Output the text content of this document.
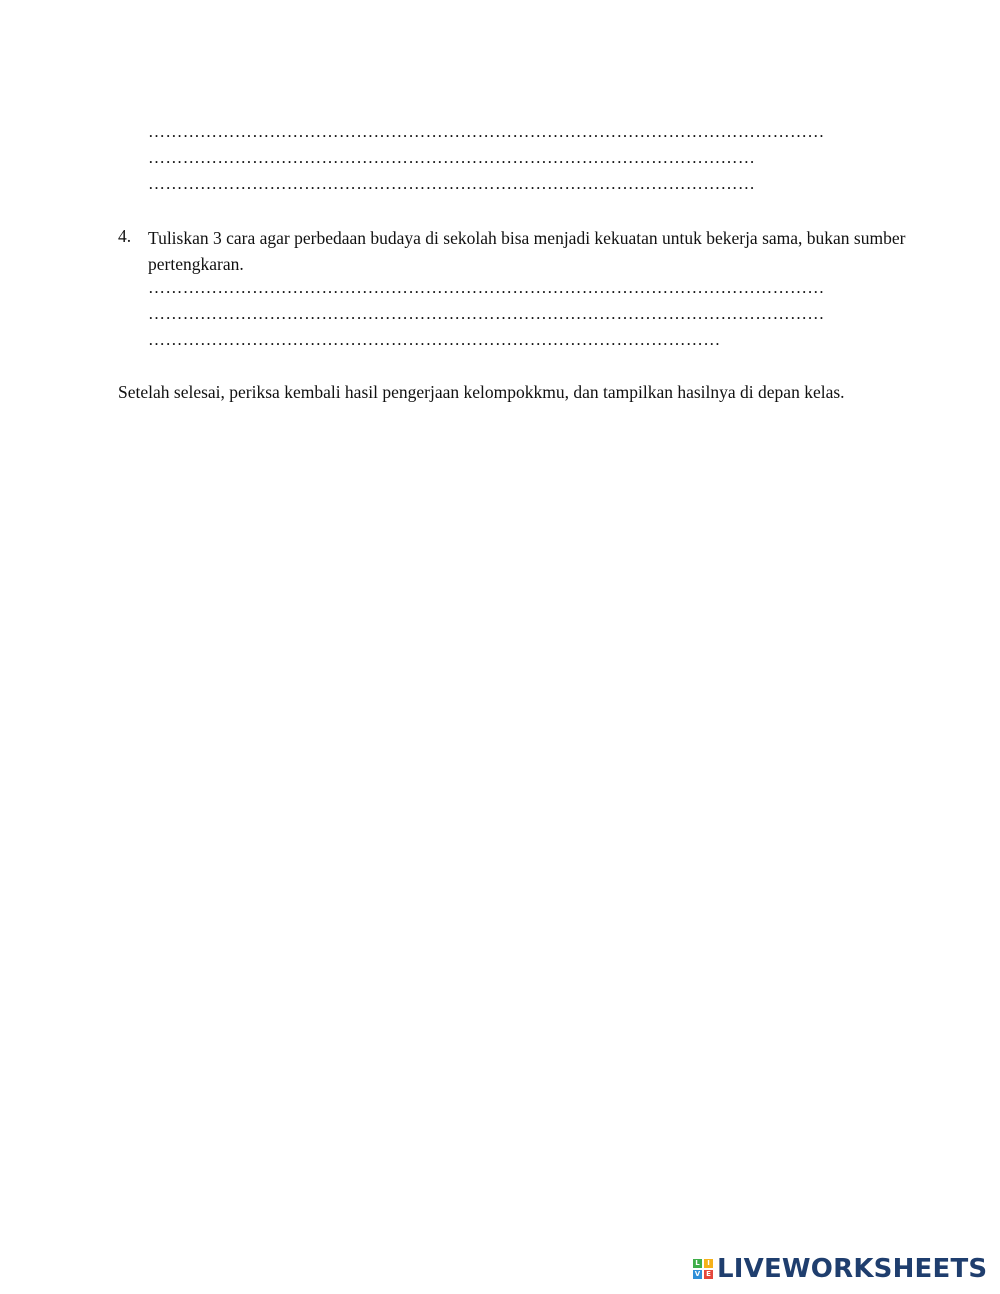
………………………………………………………………………………………………………
……………………………………………………………………………………………
……………………………………………………………………………………………
4. Tuliskan 3 cara agar perbedaan budaya di sekolah bisa menjadi kekuatan untuk bekerja sama, bukan sumber pertengkaran.
………………………………………………………………………………………………………
………………………………………………………………………………………………………
………………………………………………………………………………………
Setelah selesai, periksa kembali hasil pengerjaan kelompokkmu, dan tampilkan hasilnya di depan kelas.
L	I
V E LIVEWORKSHEETS
